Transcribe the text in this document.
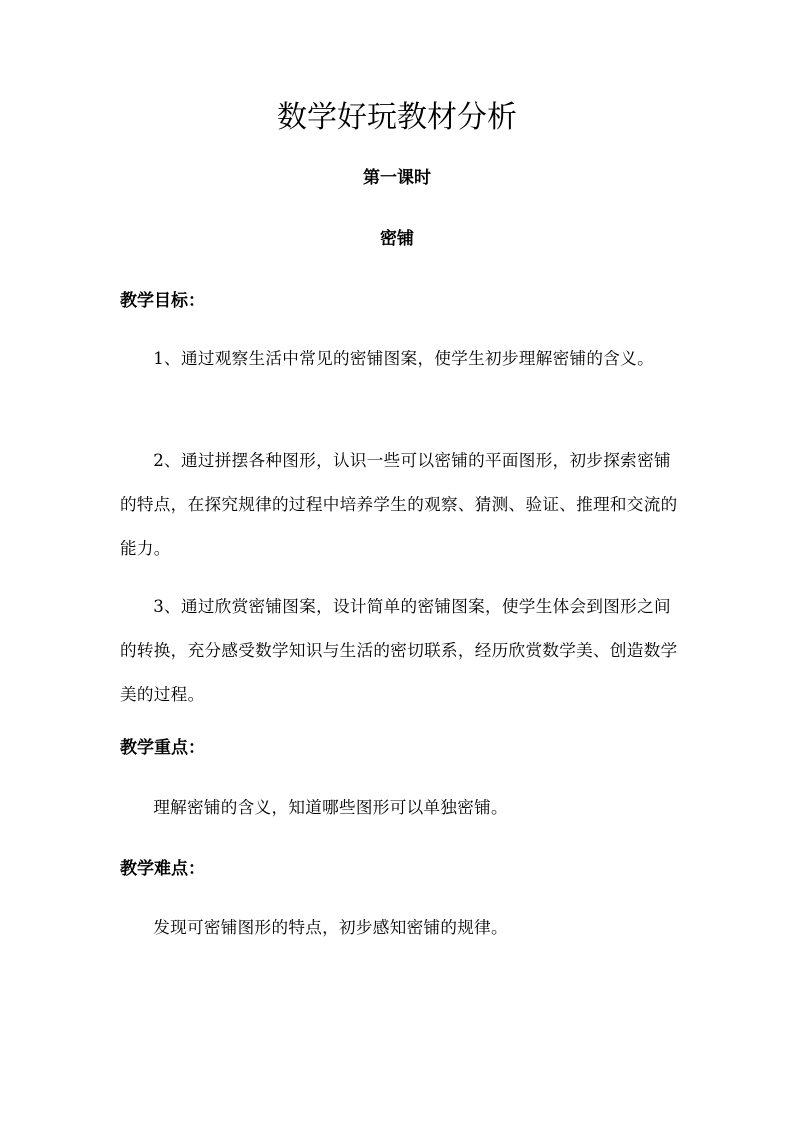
数学好玩教材分析

第一课时

密铺

教学目标：

1、通过观察生活中常见的密铺图案，使学生初步理解密铺的含义。

2、通过拼摆各种图形，认识一些可以密铺的平面图形，初步探索密铺的特点，在探究规律的过程中培养学生的观察、猜测、验证、推理和交流的能力。

3、通过欣赏密铺图案，设计简单的密铺图案，使学生体会到图形之间的转换，充分感受数学知识与生活的密切联系，经历欣赏数学美、创造数学美的过程。

教学重点：

理解密铺的含义，知道哪些图形可以单独密铺。

教学难点：

发现可密铺图形的特点，初步感知密铺的规律。
